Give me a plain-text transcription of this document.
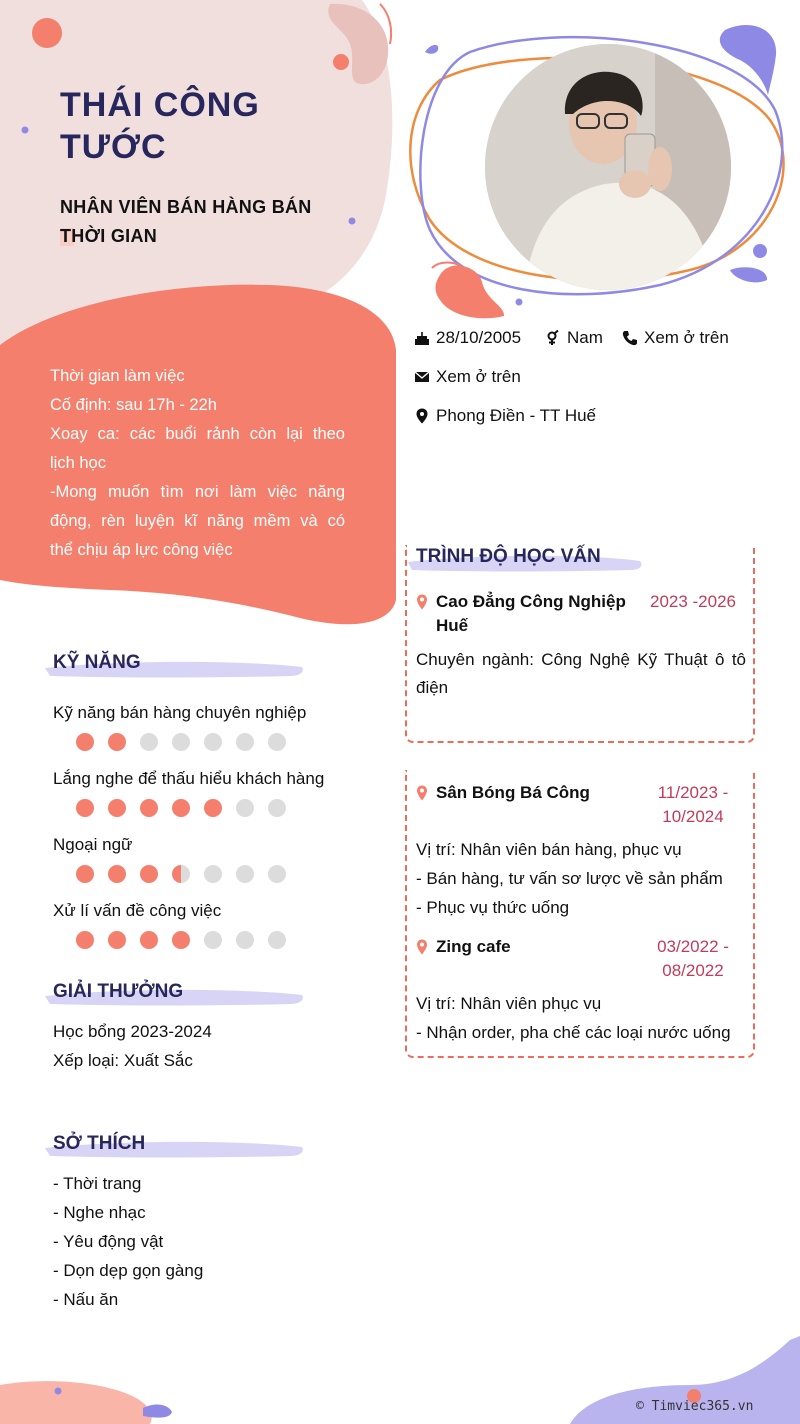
THÁI CÔNG
TƯỚC
NHÂN VIÊN BÁN HÀNG BÁN
THỜI GIAN
28/10/2005	Nam Xem ở trên
Xem ở trên
Phong Điền - TT Huế
Thời gian làm việc
Cố định: sau 17h - 22h
Xoay ca: các buổi rảnh còn lại theo
lịch học
-Mong muốn tìm nơi làm việc năng
động, rèn luyện kĩ năng mềm và có
thể chịu áp lực công việc
KỸ NĂNG
Kỹ năng bán hàng chuyên nghiệp
Lắng nghe để thấu hiểu khách hàng
Ngoại ngữ
Xử lí vấn đề công việc
GIẢI THƯỞNG
Học bổng 2023-2024
Xếp loại: Xuất Sắc
SỞ THÍCH
- Thời trang
- Nghe nhạc
- Yêu động vật
- Dọn dẹp gọn gàng
- Nấu ăn
TRÌNH ĐỘ HỌC VẤN
Cao Đẳng Công Nghiệp
Huế
2023 -2026
Chuyên ngành: Công Nghệ Kỹ Thuật ô tô
điện
Sân Bóng Bá Công	11/2023 -
10/2024
Vị trí: Nhân viên bán hàng, phục vụ
- Bán hàng, tư vấn sơ lược về sản phẩm
- Phục vụ thức uống
Zing cafe	03/2022 -
08/2022
Vị trí: Nhân viên phục vụ
- Nhận order, pha chế các loại nước uống
© Timviec365.vn
